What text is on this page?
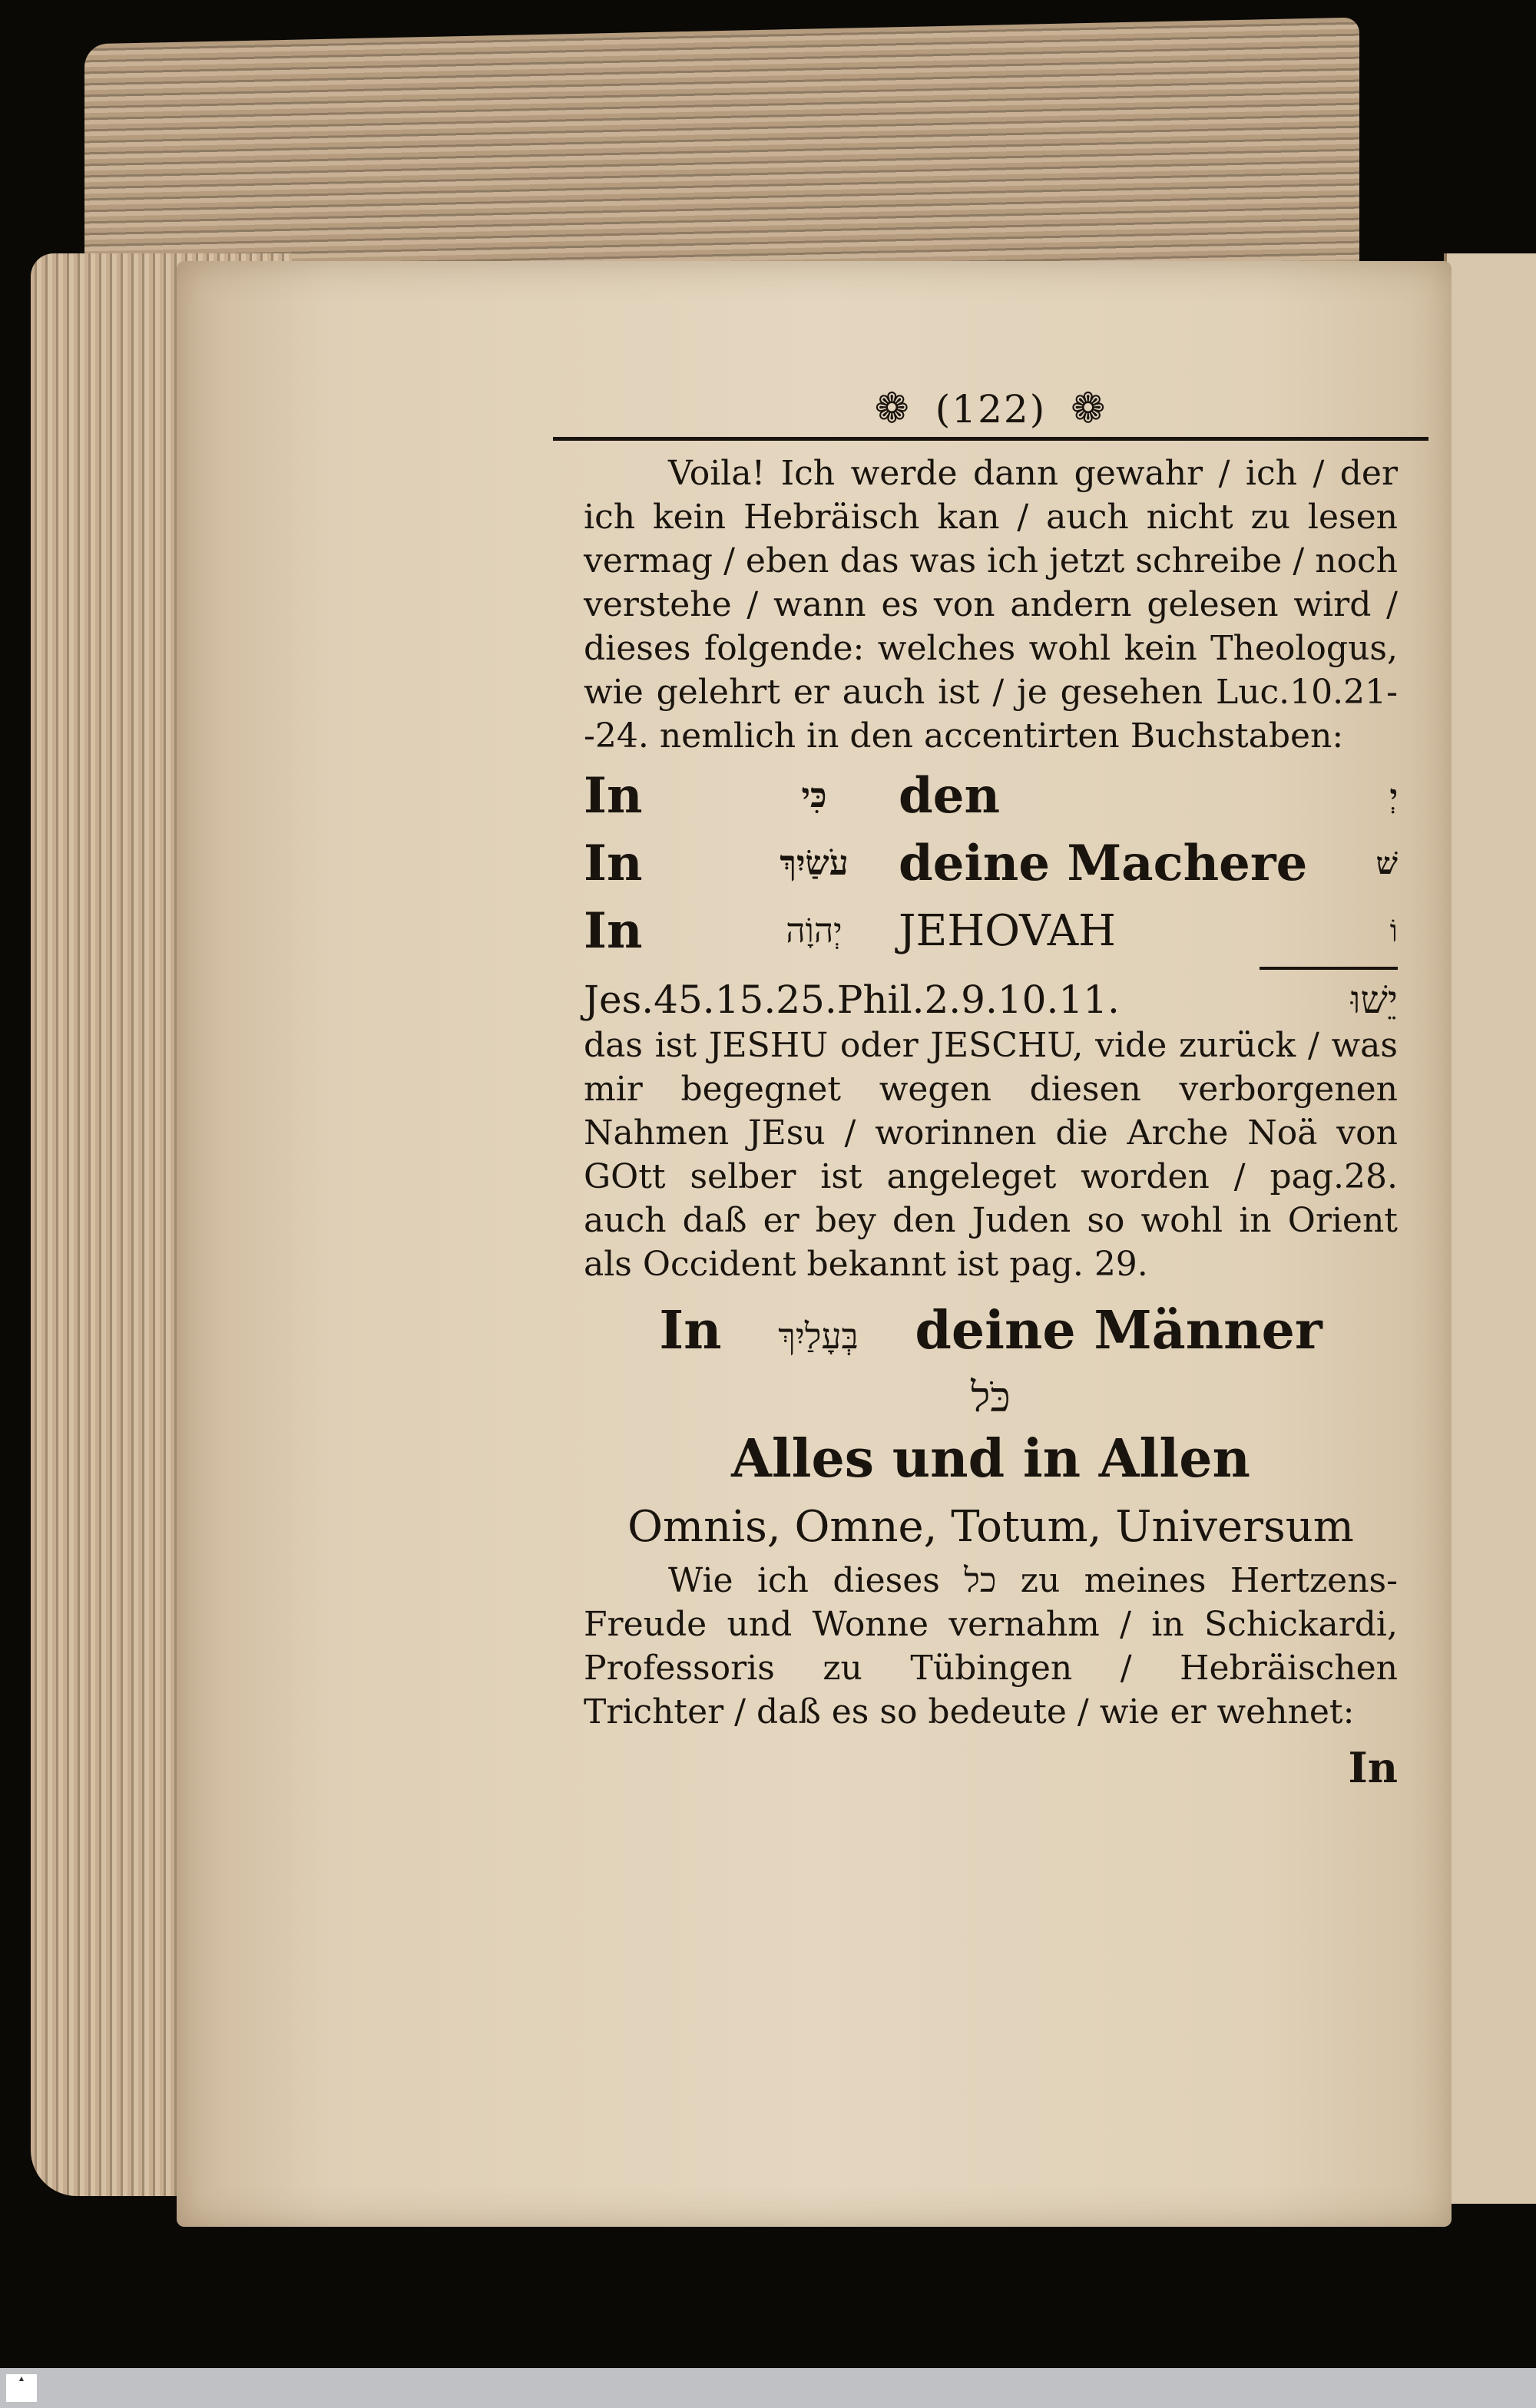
❁ (122) ❁

Voila! Ich werde dann gewahr / ich / der ich kein Hebräisch kan / auch nicht zu lesen vermag / eben das was ich jetzt schreibe / noch verstehe / wann es von andern gelesen wird / dieses folgende: welches wohl kein Theologus, wie gelehrt er auch ist / je gesehen Luc.10.21--24. nemlich in den accentirten Buchstaben:

In	כִּי	den	יְ
In	עֹשַׂיִךְ	deine Machere	שׁ
In	יְהוָֹה	JEHOVAH	וֹ
Jes.45.15.25.Phil.2.9.10.11.	יֵשׁוּ

das ist JESHU oder JESCHU, vide zurück / was mir begegnet wegen diesen verborgenen Nahmen JEsu / worinnen die Arche Noä von GOtt selber ist angeleget worden / pag.28. auch daß er bey den Juden so wohl in Orient als Occident bekannt ist pag. 29.

In בְּעָלַיִךְ deine Männer
כֹּל
Alles und in Allen
Omnis, Omne, Totum, Universum

Wie ich dieses כל zu meines Hertzens-Freude und Wonne vernahm / in Schickardi, Professoris zu Tübingen / Hebräischen Trichter / daß es so bedeute / wie er wehnet:

In
▲
